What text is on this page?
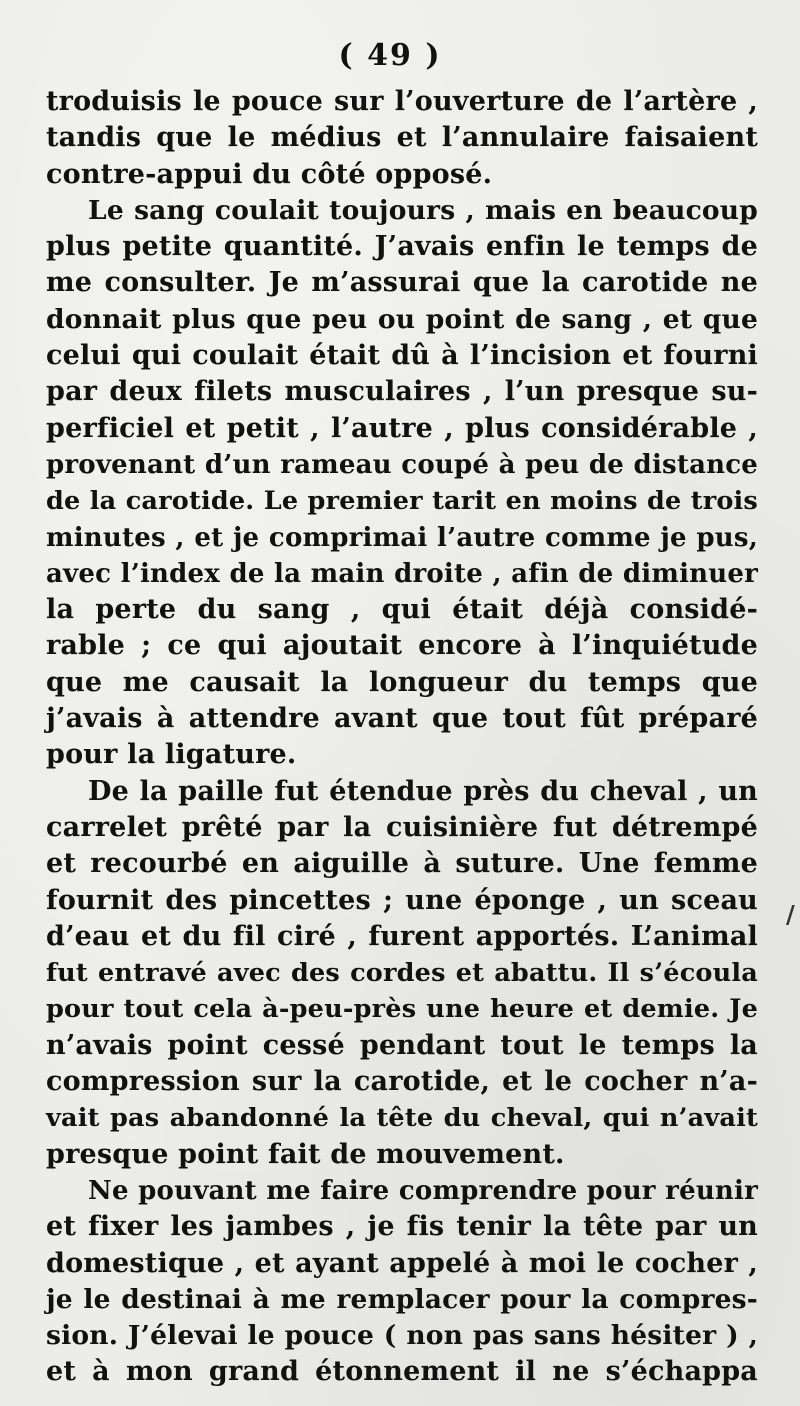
( 49 )
troduisis le pouce sur l’ouverture de l’artère ,
tandis que le médius et l’annulaire faisaient
contre-appui du côté opposé.
Le sang coulait toujours , mais en beaucoup
plus petite quantité. J’avais enfin le temps de
me consulter. Je m’assurai que la carotide ne
donnait plus que peu ou point de sang , et que
celui qui coulait était dû à l’incision et fourni
par deux filets musculaires , l’un presque su-
perficiel et petit , l’autre , plus considérable ,
provenant d’un rameau coupé à peu de distance
de la carotide. Le premier tarit en moins de trois
minutes , et je comprimai l’autre comme je pus,
avec l’index de la main droite , afin de diminuer
la perte du sang , qui était déjà considé-
rable ; ce qui ajoutait encore à l’inquiétude
que me causait la longueur du temps que
j’avais à attendre avant que tout fût préparé
pour la ligature.
De la paille fut étendue près du cheval , un
carrelet prêté par la cuisinière fut détrempé
et recourbé en aiguille à suture. Une femme
fournit des pincettes ; une éponge , un sceau
d’eau et du fil ciré , furent apportés. L’animal
fut entravé avec des cordes et abattu. Il s’écoula
pour tout cela à-peu-près une heure et demie. Je
n’avais point cessé pendant tout le temps la
compression sur la carotide, et le cocher n’a-
vait pas abandonné la tête du cheval, qui n’avait
presque point fait de mouvement.
Ne pouvant me faire comprendre pour réunir
et fixer les jambes , je fis tenir la tête par un
domestique , et ayant appelé à moi le cocher ,
je le destinai à me remplacer pour la compres-
sion. J’élevai le pouce ( non pas sans hésiter ) ,
et à mon grand étonnement il ne s’échappa
/
